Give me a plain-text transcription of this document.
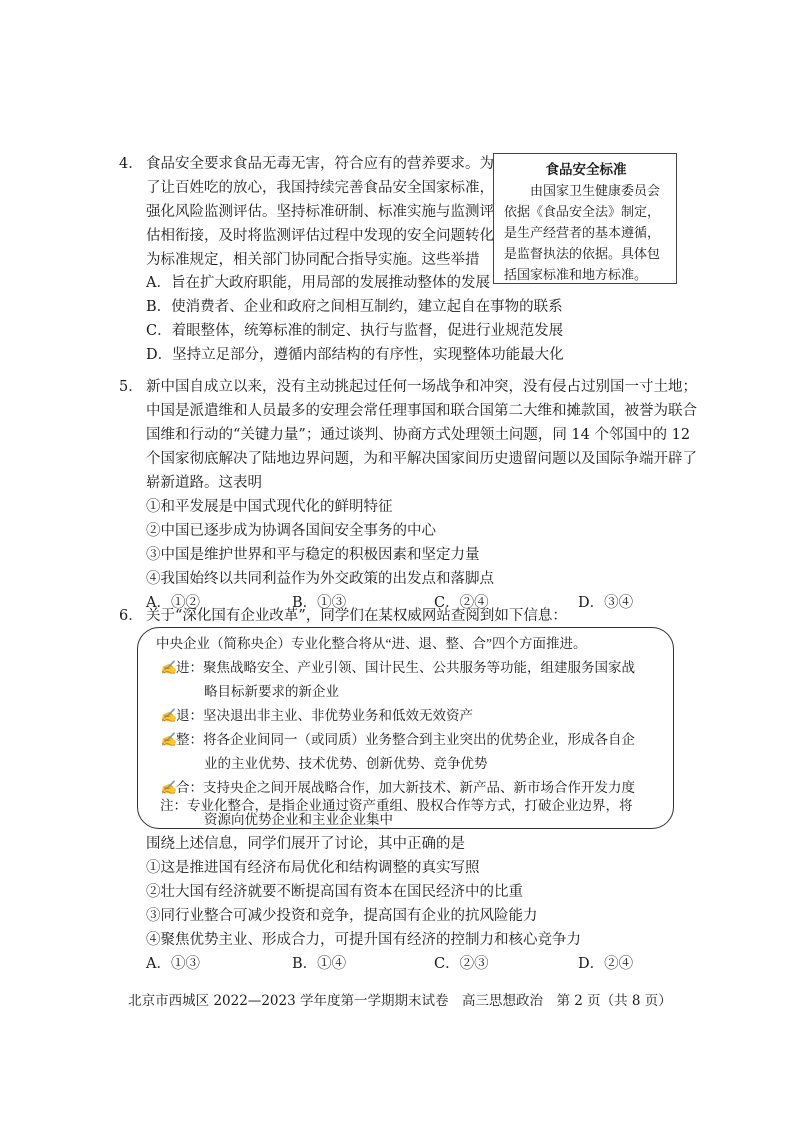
4． 食品安全要求食品无毒无害，符合应有的营养要求。为
了让百姓吃的放心，我国持续完善食品安全国家标准，
强化风险监测评估。坚持标准研制、标准实施与监测评
估相衔接，及时将监测评估过程中发现的安全问题转化
为标准规定，相关部门协同配合指导实施。这些举措
食品安全标准
由国家卫生健康委员会依据《食品安全法》制定，是生产经营者的基本遵循，是监督执法的依据。具体包括国家标准和地方标准。
A．旨在扩大政府职能，用局部的发展推动整体的发展
B．使消费者、企业和政府之间相互制约，建立起自在事物的联系
C．着眼整体，统筹标准的制定、执行与监督，促进行业规范发展
D．坚持立足部分，遵循内部结构的有序性，实现整体功能最大化
5． 新中国自成立以来，没有主动挑起过任何一场战争和冲突，没有侵占过别国一寸土地；
中国是派遣维和人员最多的安理会常任理事国和联合国第二大维和摊款国，被誉为联合
国维和行动的“关键力量”；通过谈判、协商方式处理领土问题，同 14 个邻国中的 12
个国家彻底解决了陆地边界问题，为和平解决国家间历史遗留问题以及国际争端开辟了
崭新道路。这表明
①和平发展是中国式现代化的鲜明特征
②中国已逐步成为协调各国间安全事务的中心
③中国是维护世界和平与稳定的积极因素和坚定力量
④我国始终以共同利益作为外交政策的出发点和落脚点
A．①②	B．①③	C．②④	D．③④
6． 关于“深化国有企业改革”，同学们在某权威网站查阅到如下信息：
中央企业（简称央企）专业化整合将从“进、退、整、合”四个方面推进。
✍ 进：聚焦战略安全、产业引领、国计民生、公共服务等功能，组建服务国家战
略目标新要求的新企业
✍ 退：坚决退出非主业、非优势业务和低效无效资产
✍ 整：将各企业间同一（或同质）业务整合到主业突出的优势企业，形成各自企
业的主业优势、技术优势、创新优势、竞争优势
✍ 合：支持央企之间开展战略合作，加大新技术、新产品、新市场合作开发力度
注：专业化整合，是指企业通过资产重组、股权合作等方式，打破企业边界，将
资源向优势企业和主业企业集中
围绕上述信息，同学们展开了讨论，其中正确的是
①这是推进国有经济布局优化和结构调整的真实写照
②壮大国有经济就要不断提高国有资本在国民经济中的比重
③同行业整合可减少投资和竞争，提高国有企业的抗风险能力
④聚焦优势主业、形成合力，可提升国有经济的控制力和核心竞争力
A．①③	B．①④	C．②③	D．②④
北京市西城区 2022—2023 学年度第一学期期末试卷　高三思想政治　第 2 页（共 8 页）
